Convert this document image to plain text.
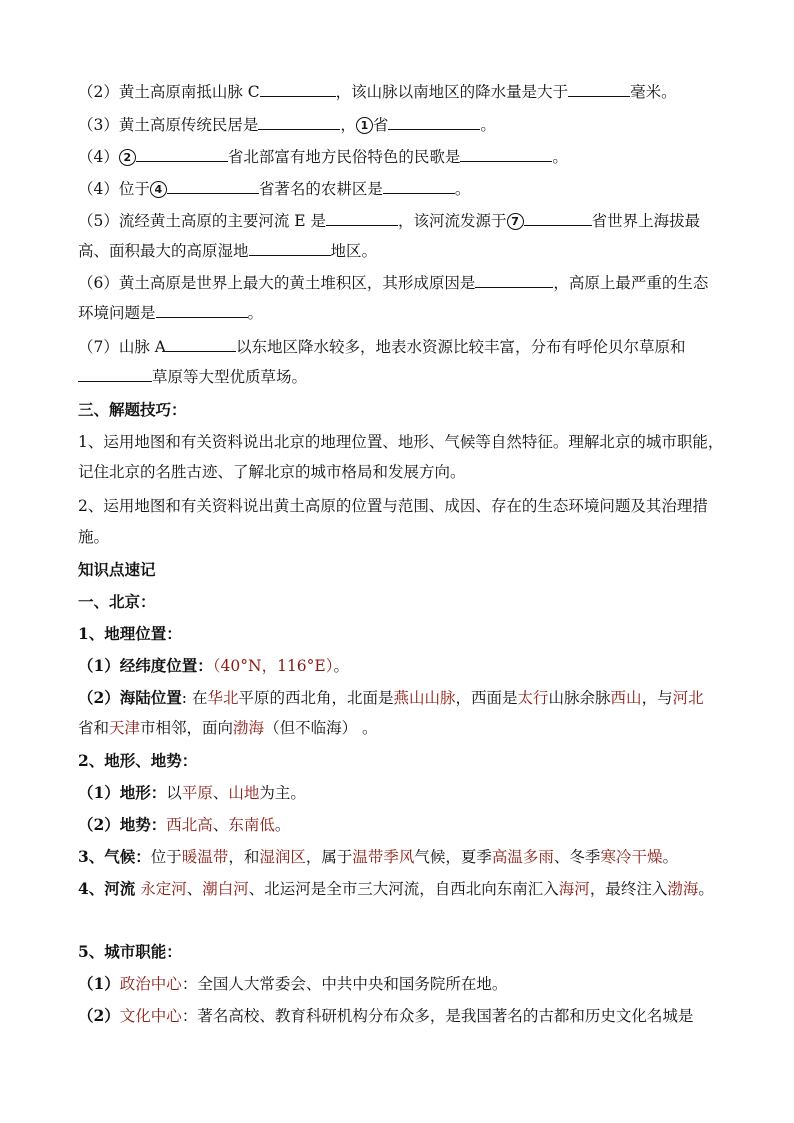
（2）黄土高原南抵山脉 C	，该山脉以南地区的降水量是大于	毫米。
（3）黄土高原传统民居是	， 1 省	。
（4） 2	省北部富有地方民俗特色的民歌是	。
（4）位于 4	省著名的农耕区是	。
（5）流经黄土高原的主要河流 E 是	，该河流发源于 7	省世界上海拔最
高、面积最大的高原湿地	地区。
（6）黄土高原是世界上最大的黄土堆积区，其形成原因是	，高原上最严重的生态
环境问题是	。
（7）山脉 A	以东地区降水较多，地表水资源比较丰富，分布有呼伦贝尔草原和
草原等大型优质草场。
三、解题技巧：
1、运用地图和有关资料说出北京的地理位置、地形、气候等自然特征。理解北京的城市职能，
记住北京的名胜古迹、了解北京的城市格局和发展方向。
2、运用地图和有关资料说出黄土高原的位置与范围、成因、存在的生态环境问题及其治理措
施。
知识点速记
一、北京：
1、地理位置：
（1）经纬度位置：（40°N，116°E）。
（2）海陆位置: 在华北平原的西北角，北面是燕山山脉，西面是太行山脉余脉西山，与河北
省和天津市相邻，面向渤海（但不临海） 。
2、地形、地势：
（1）地形：以平原、山地为主。
（2）地势：西北高、东南低。
3、气候：位于暖温带，和湿润区，属于温带季风气候，夏季高温多雨、冬季寒冷干燥。
4、河流 永定河、潮白河、北运河是全市三大河流，自西北向东南汇入海河，最终注入渤海。
5、城市职能：
（1）政治中心：全国人大常委会、中共中央和国务院所在地。
（2）文化中心：著名高校、教育科研机构分布众多，是我国著名的古都和历史文化名城是
